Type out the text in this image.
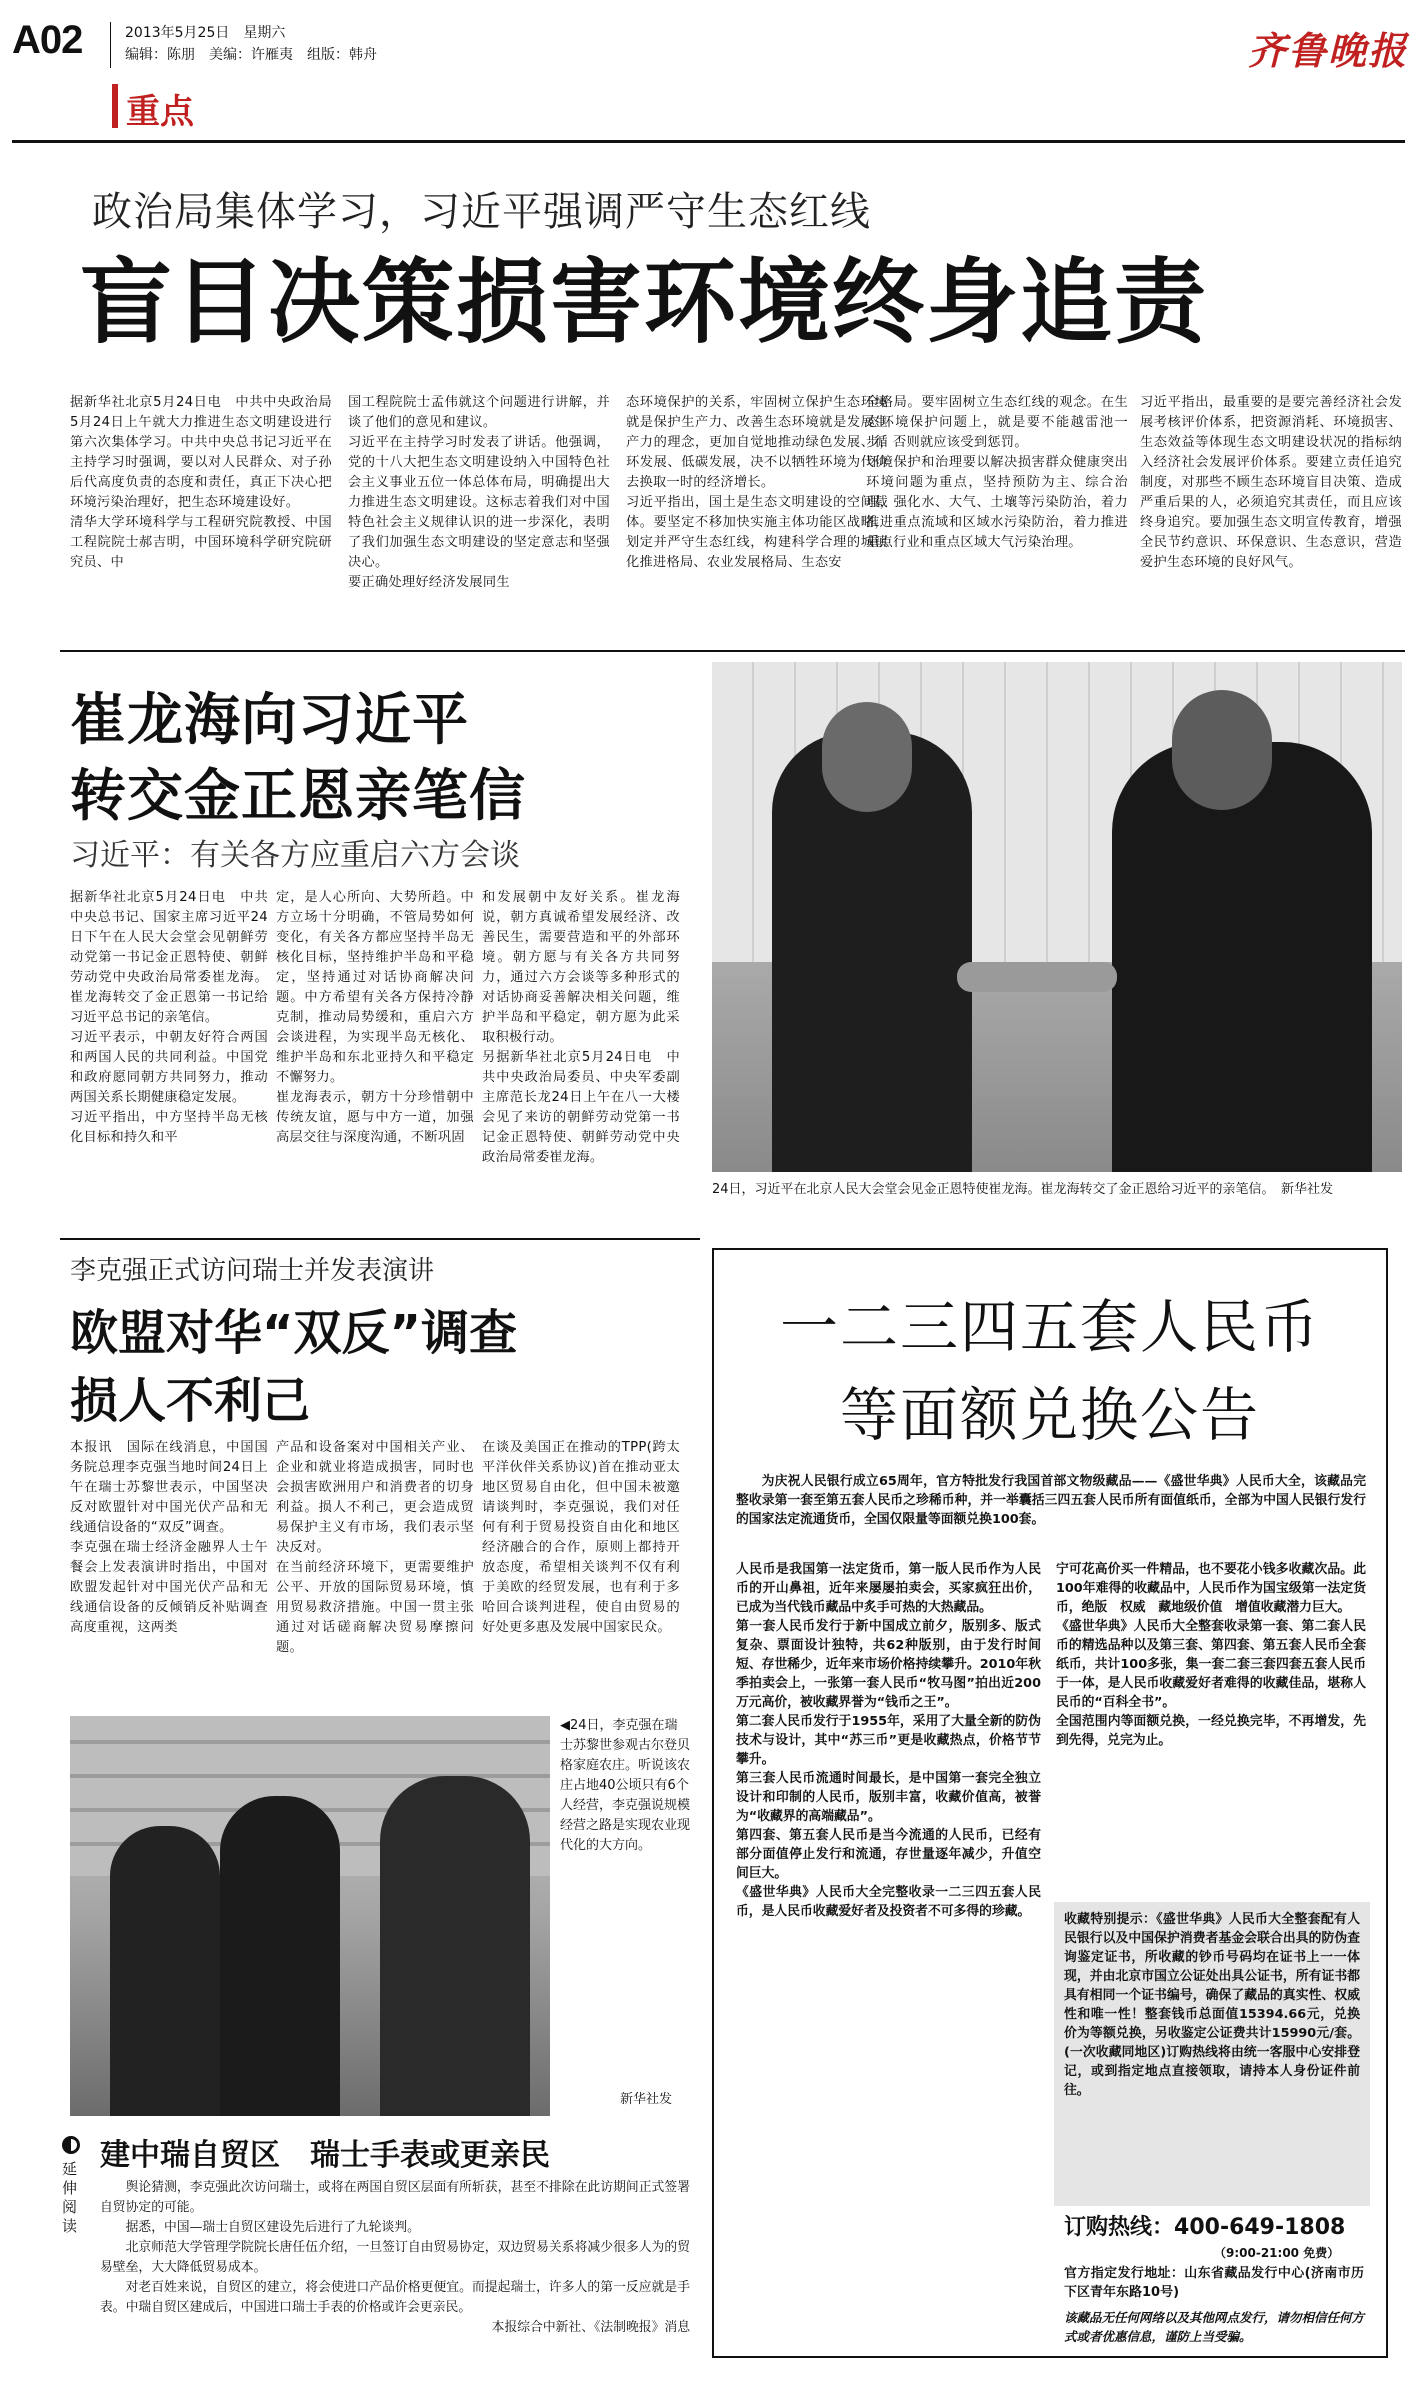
A02	2013年5月25日　星期六
编辑：陈朋　美编：许雁夷　组版：韩舟	齐鲁晚报
重点
政治局集体学习，习近平强调严守生态红线
盲目决策损害环境终身追责
据新华社北京5月24日电　中共中央政治局5月24日上午就大力推进生态文明建设进行第六次集体学习。中共中央总书记习近平在主持学习时强调，要以对人民群众、对子孙后代高度负责的态度和责任，真正下决心把环境污染治理好，把生态环境建设好。
清华大学环境科学与工程研究院教授、中国工程院院士郝吉明，中国环境科学研究院研究员、中
国工程院院士孟伟就这个问题进行讲解，并谈了他们的意见和建议。
习近平在主持学习时发表了讲话。他强调，党的十八大把生态文明建设纳入中国特色社会主义事业五位一体总体布局，明确提出大力推进生态文明建设。这标志着我们对中国特色社会主义规律认识的进一步深化，表明了我们加强生态文明建设的坚定意志和坚强决心。
要正确处理好经济发展同生
态环境保护的关系，牢固树立保护生态环境就是保护生产力、改善生态环境就是发展生产力的理念，更加自觉地推动绿色发展、循环发展、低碳发展，决不以牺牲环境为代价去换取一时的经济增长。
习近平指出，国土是生态文明建设的空间载体。要坚定不移加快实施主体功能区战略，划定并严守生态红线，构建科学合理的城镇化推进格局、农业发展格局、生态安
全格局。要牢固树立生态红线的观念。在生态环境保护问题上，就是要不能越雷池一步，否则就应该受到惩罚。
环境保护和治理要以解决损害群众健康突出环境问题为重点，坚持预防为主、综合治理，强化水、大气、土壤等污染防治，着力推进重点流域和区域水污染防治，着力推进重点行业和重点区域大气污染治理。
习近平指出，最重要的是要完善经济社会发展考核评价体系，把资源消耗、环境损害、生态效益等体现生态文明建设状况的指标纳入经济社会发展评价体系。要建立责任追究制度，对那些不顾生态环境盲目决策、造成严重后果的人，必须追究其责任，而且应该终身追究。要加强生态文明宣传教育，增强全民节约意识、环保意识、生态意识，营造爱护生态环境的良好风气。
崔龙海向习近平
转交金正恩亲笔信
习近平：有关各方应重启六方会谈
据新华社北京5月24日电　中共中央总书记、国家主席习近平24日下午在人民大会堂会见朝鲜劳动党第一书记金正恩特使、朝鲜劳动党中央政治局常委崔龙海。崔龙海转交了金正恩第一书记给习近平总书记的亲笔信。
习近平表示，中朝友好符合两国和两国人民的共同利益。中国党和政府愿同朝方共同努力，推动两国关系长期健康稳定发展。
习近平指出，中方坚持半岛无核化目标和持久和平
定，是人心所向、大势所趋。中方立场十分明确，不管局势如何变化，有关各方都应坚持半岛无核化目标，坚持维护半岛和平稳定，坚持通过对话协商解决问题。中方希望有关各方保持冷静克制，推动局势缓和，重启六方会谈进程，为实现半岛无核化、维护半岛和东北亚持久和平稳定不懈努力。
崔龙海表示，朝方十分珍惜朝中传统友谊，愿与中方一道，加强高层交往与深度沟通，不断巩固
和发展朝中友好关系。崔龙海说，朝方真诚希望发展经济、改善民生，需要营造和平的外部环境。朝方愿与有关各方共同努力，通过六方会谈等多种形式的对话协商妥善解决相关问题，维护半岛和平稳定，朝方愿为此采取积极行动。
另据新华社北京5月24日电　中共中央政治局委员、中央军委副主席范长龙24日上午在八一大楼会见了来访的朝鲜劳动党第一书记金正恩特使、朝鲜劳动党中央政治局常委崔龙海。
24日，习近平在北京人民大会堂会见金正恩特使崔龙海。崔龙海转交了金正恩给习近平的亲笔信。　新华社发
李克强正式访问瑞士并发表演讲
欧盟对华“双反”调查
损人不利己
本报讯　国际在线消息，中国国务院总理李克强当地时间24日上午在瑞士苏黎世表示，中国坚决反对欧盟针对中国光伏产品和无线通信设备的“双反”调查。
李克强在瑞士经济金融界人士午餐会上发表演讲时指出，中国对欧盟发起针对中国光伏产品和无线通信设备的反倾销反补贴调查高度重视，这两类
产品和设备案对中国相关产业、企业和就业将造成损害，同时也会损害欧洲用户和消费者的切身利益。损人不利己，更会造成贸易保护主义有市场，我们表示坚决反对。
在当前经济环境下，更需要维护公平、开放的国际贸易环境，慎用贸易救济措施。中国一贯主张通过对话磋商解决贸易摩擦问题。
在谈及美国正在推动的TPP(跨太平洋伙伴关系协议)首在推动亚太地区贸易自由化，但中国未被邀请谈判时，李克强说，我们对任何有利于贸易投资自由化和地区经济融合的合作，原则上都持开放态度，希望相关谈判不仅有利于美欧的经贸发展，也有利于多哈回合谈判进程，使自由贸易的好处更多惠及发展中国家民众。
◀24日，李克强在瑞士苏黎世参观古尔登贝格家庭农庄。听说该农庄占地40公顷只有6个人经营，李克强说规模经营之路是实现农业现代化的大方向。
新华社发
延伸阅读
建中瑞自贸区　瑞士手表或更亲民

舆论猜测，李克强此次访问瑞士，或将在两国自贸区层面有所斩获，甚至不排除在此访期间正式签署自贸协定的可能。

据悉，中国—瑞士自贸区建设先后进行了九轮谈判。

北京师范大学管理学院院长唐任伍介绍，一旦签订自由贸易协定，双边贸易关系将减少很多人为的贸易壁垒，大大降低贸易成本。

对老百姓来说，自贸区的建立，将会使进口产品价格更便宜。而提起瑞士，许多人的第一反应就是手表。中瑞自贸区建成后，中国进口瑞士手表的价格或许会更亲民。

本报综合中新社、《法制晚报》消息

一二三四五套人民币
等面额兑换公告
为庆祝人民银行成立65周年，官方特批发行我国首部文物级藏品——《盛世华典》人民币大全，该藏品完整收录第一套至第五套人民币之珍稀币种，并一举囊括三四五套人民币所有面值纸币，全部为中国人民银行发行的国家法定流通货币，全国仅限量等面额兑换100套。
人民币是我国第一法定货币，第一版人民币作为人民币的开山鼻祖，近年来屡屡拍卖会，买家疯狂出价，已成为当代钱币藏品中炙手可热的大热藏品。
第一套人民币发行于新中国成立前夕，版别多、版式复杂、票面设计独特，共62种版别，由于发行时间短、存世稀少，近年来市场价格持续攀升。2010年秋季拍卖会上，一张第一套人民币“牧马图”拍出近200万元高价，被收藏界誉为“钱币之王”。
第二套人民币发行于1955年，采用了大量全新的防伪技术与设计，其中“苏三币”更是收藏热点，价格节节攀升。
第三套人民币流通时间最长，是中国第一套完全独立设计和印制的人民币，版别丰富，收藏价值高，被誉为“收藏界的高端藏品”。
第四套、第五套人民币是当今流通的人民币，已经有部分面值停止发行和流通，存世量逐年减少，升值空间巨大。
《盛世华典》人民币大全完整收录一二三四五套人民币，是人民币收藏爱好者及投资者不可多得的珍藏。
宁可花高价买一件精品，也不要花小钱多收藏次品。此100年难得的收藏品中，人民币作为国宝级第一法定货币，绝版　权威　藏地级价值　增值收藏潜力巨大。
《盛世华典》人民币大全整套收录第一套、第二套人民币的精选品种以及第三套、第四套、第五套人民币全套纸币，共计100多张，集一套二套三套四套五套人民币于一体，是人民币收藏爱好者难得的收藏佳品，堪称人民币的“百科全书”。
全国范围内等面额兑换，一经兑换完毕，不再增发，先到先得，兑完为止。
收藏特别提示：《盛世华典》人民币大全整套配有人民银行以及中国保护消费者基金会联合出具的防伪查询鉴定证书，所收藏的钞币号码均在证书上一一体现，并由北京市国立公证处出具公证书，所有证书都具有相同一个证书编号，确保了藏品的真实性、权威性和唯一性！整套钱币总面值15394.66元，兑换价为等额兑换，另收鉴定公证费共计15990元/套。(一次收藏同地区)订购热线将由统一客服中心安排登记，或到指定地点直接领取，请持本人身份证件前往。
订购热线：400-649-1808
（9:00-21:00 免费）
官方指定发行地址：山东省藏品发行中心(济南市历下区青年东路10号)
该藏品无任何网络以及其他网点发行，请勿相信任何方式或者优惠信息，谨防上当受骗。
